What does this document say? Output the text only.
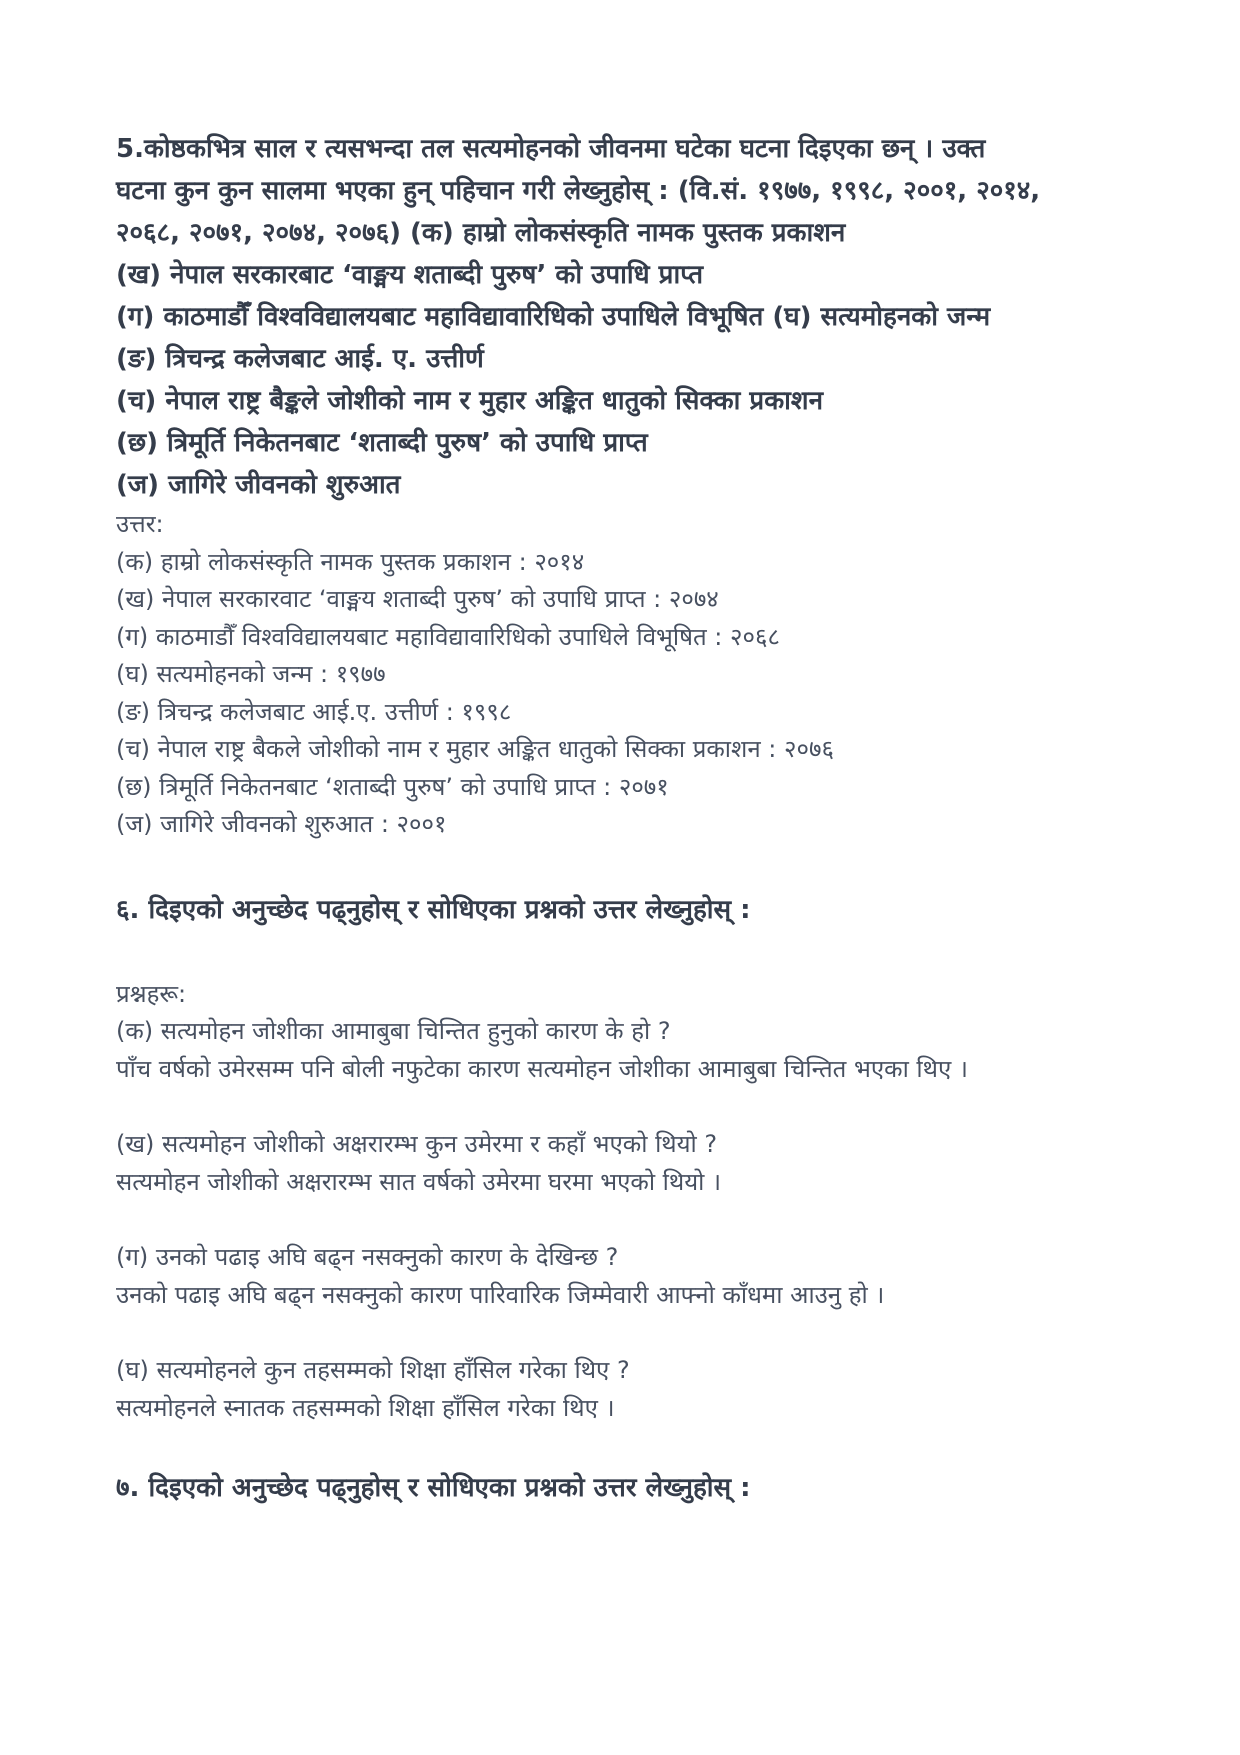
5.कोष्ठकभित्र साल र त्यसभन्दा तल सत्यमोहनको जीवनमा घटेका घटना दिइएका छन् । उक्त

घटना कुन कुन सालमा भएका हुन् पहिचान गरी लेख्नुहोस् : (वि.सं. १९७७, १९९८, २००१, २०१४,

२०६८, २०७१, २०७४, २०७६) (क) हाम्रो लोकसंस्कृति नामक पुस्तक प्रकाशन

(ख) नेपाल सरकारबाट ‘वाङ्मय शताब्दी पुरुष’ को उपाधि प्राप्त

(ग) काठमाडौँ विश्वविद्यालयबाट महाविद्यावारिधिको उपाधिले विभूषित (घ) सत्यमोहनको जन्म

(ङ) त्रिचन्द्र कलेजबाट आई. ए. उत्तीर्ण

(च) नेपाल राष्ट्र बैङ्कले जोशीको नाम र मुहार अङ्कित धातुको सिक्का प्रकाशन

(छ) त्रिमूर्ति निकेतनबाट ‘शताब्दी पुरुष’ को उपाधि प्राप्त

(ज) जागिरे जीवनको शुरुआत

उत्तर:

(क) हाम्रो लोकसंस्कृति नामक पुस्तक प्रकाशन : २०१४

(ख) नेपाल सरकारवाट ‘वाङ्मय शताब्दी पुरुष’ को उपाधि प्राप्त : २०७४

(ग) काठमाडौँ विश्वविद्यालयबाट महाविद्यावारिधिको उपाधिले विभूषित : २०६८

(घ) सत्यमोहनको जन्म : १९७७

(ङ) त्रिचन्द्र कलेजबाट आई.ए. उत्तीर्ण : १९९८

(च) नेपाल राष्ट्र बैकले जोशीको नाम र मुहार अङ्कित धातुको सिक्का प्रकाशन : २०७६

(छ) त्रिमूर्ति निकेतनबाट ‘शताब्दी पुरुष’ को उपाधि प्राप्त : २०७१

(ज) जागिरे जीवनको शुरुआत : २००१

६. दिइएको अनुच्छेद पढ्नुहोस् र सोधिएका प्रश्नको उत्तर लेख्नुहोस् :

प्रश्नहरू:

(क) सत्यमोहन जोशीका आमाबुबा चिन्तित हुनुको कारण के हो ?

पाँच वर्षको उमेरसम्म पनि बोली नफुटेका कारण सत्यमोहन जोशीका आमाबुबा चिन्तित भएका थिए ।

(ख) सत्यमोहन जोशीको अक्षरारम्भ कुन उमेरमा र कहाँ भएको थियो ?

सत्यमोहन जोशीको अक्षरारम्भ सात वर्षको उमेरमा घरमा भएको थियो ।

(ग) उनको पढाइ अघि बढ्न नसक्नुको कारण के देखिन्छ ?

उनको पढाइ अघि बढ्न नसक्नुको कारण पारिवारिक जिम्मेवारी आफ्नो काँधमा आउनु हो ।

(घ) सत्यमोहनले कुन तहसम्मको शिक्षा हाँसिल गरेका थिए ?

सत्यमोहनले स्नातक तहसम्मको शिक्षा हाँसिल गरेका थिए ।

७. दिइएको अनुच्छेद पढ्नुहोस् र सोधिएका प्रश्नको उत्तर लेख्नुहोस् :
